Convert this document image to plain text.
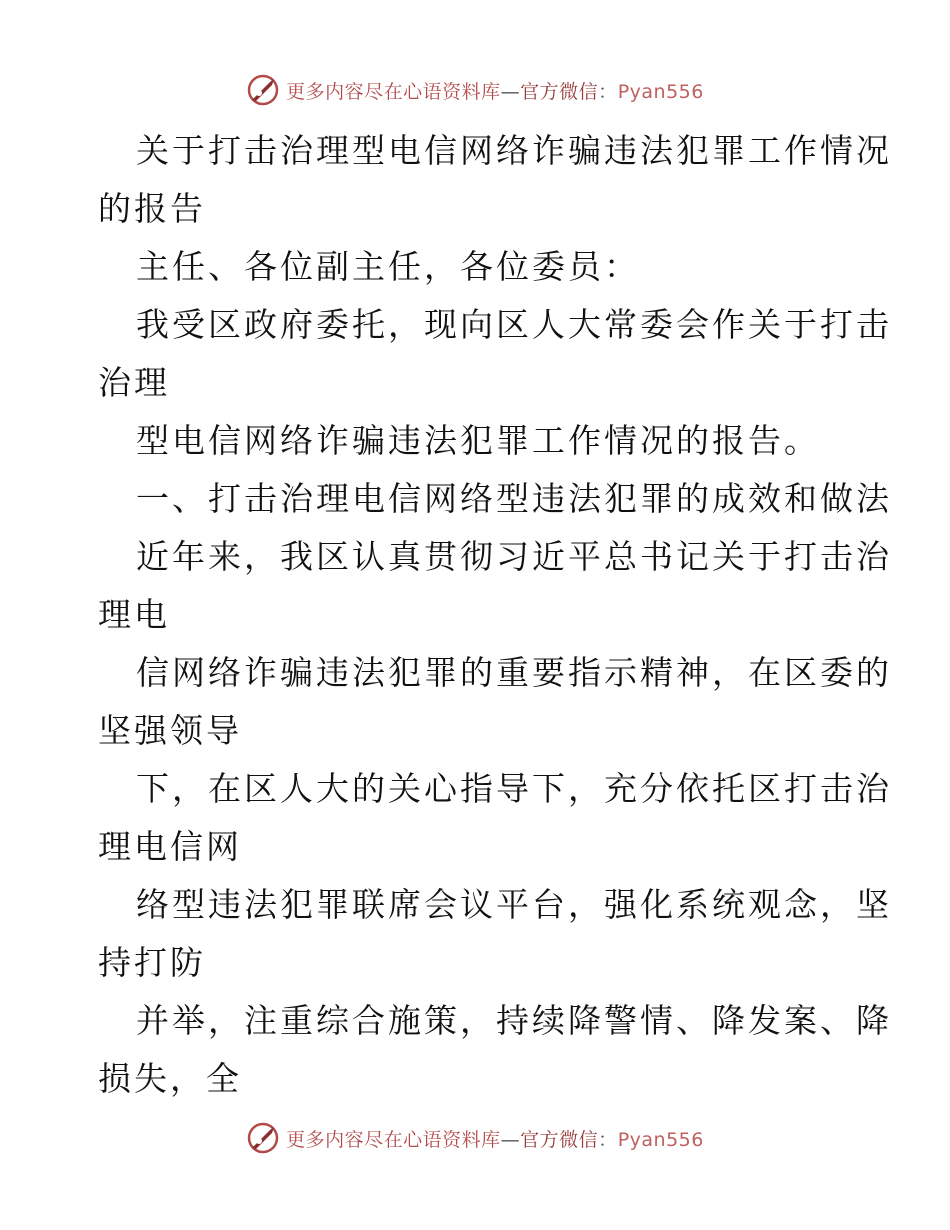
更多内容尽在心语资料库—官方微信：Pyan556
关于打击治理型电信网络诈骗违法犯罪工作情况
的报告
主任、各位副主任，各位委员：
我受区政府委托，现向区人大常委会作关于打击
治理
型电信网络诈骗违法犯罪工作情况的报告。
一、打击治理电信网络型违法犯罪的成效和做法
近年来，我区认真贯彻习近平总书记关于打击治
理电
信网络诈骗违法犯罪的重要指示精神，在区委的
坚强领导
下，在区人大的关心指导下，充分依托区打击治
理电信网
络型违法犯罪联席会议平台，强化系统观念，坚
持打防
并举，注重综合施策，持续降警情、降发案、降
损失，全
更多内容尽在心语资料库—官方微信：Pyan556
